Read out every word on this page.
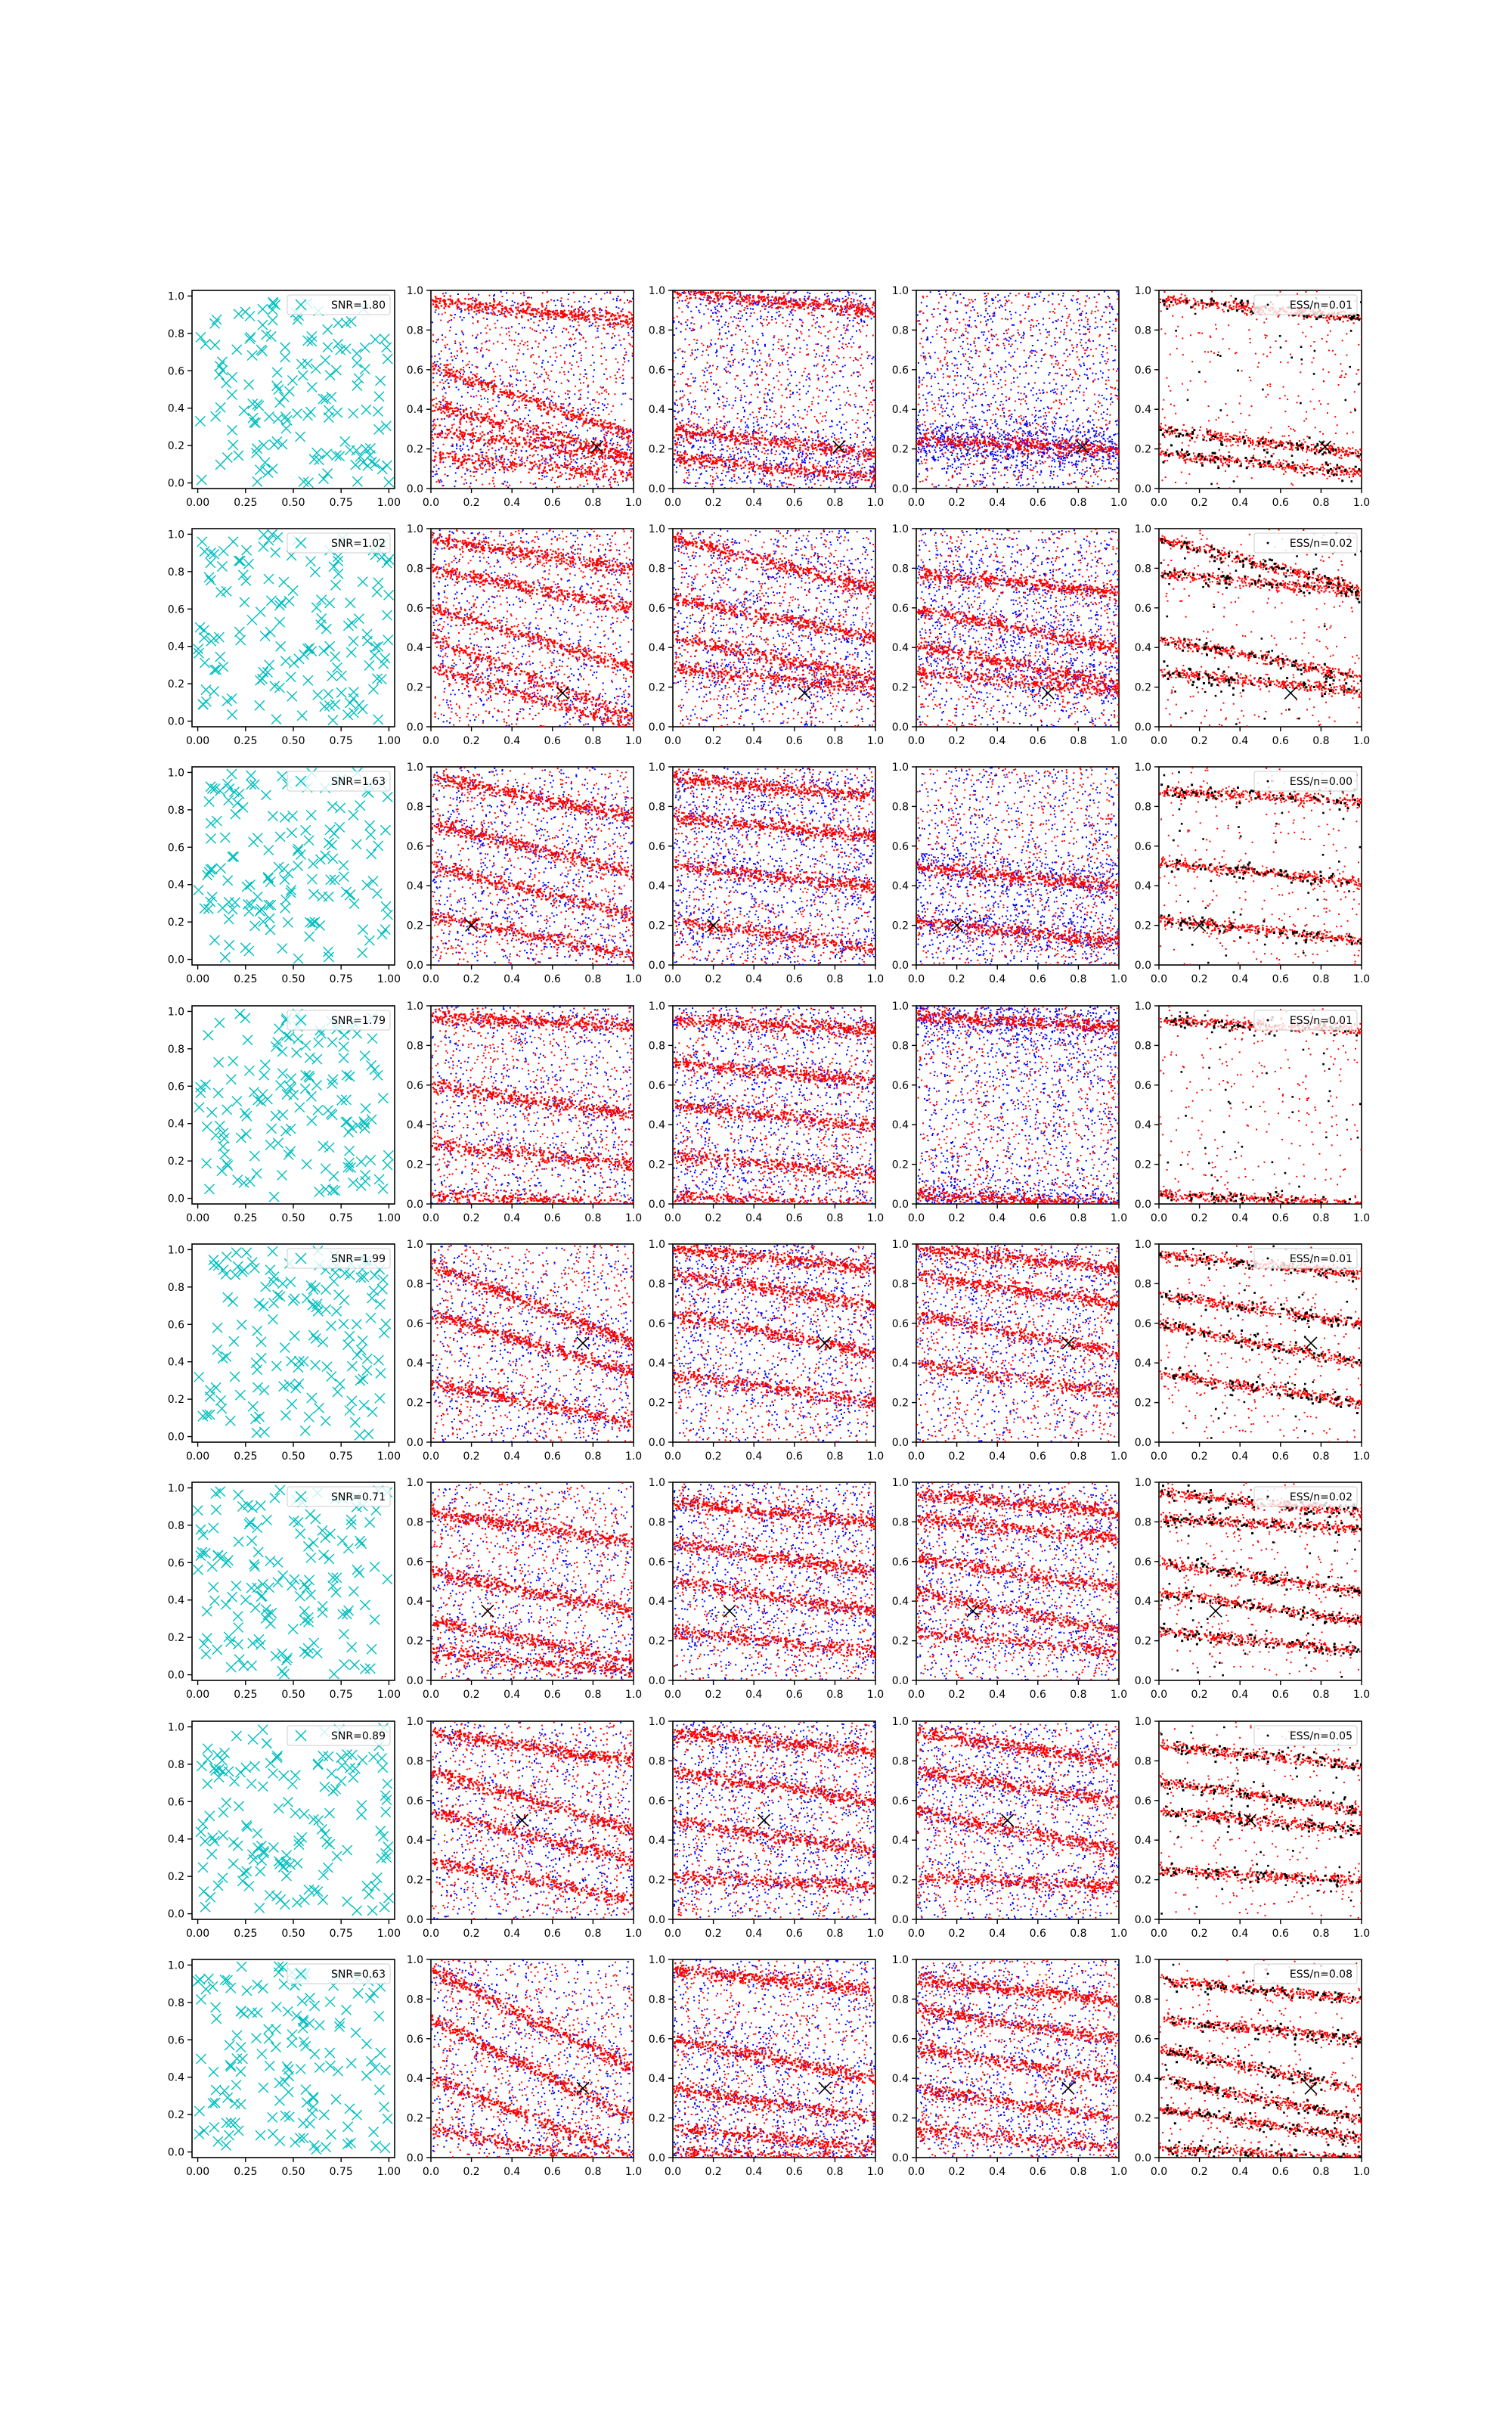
0.00 0.25 0.50 0.75 1.00
0.0
0.2
0.4
0.6
0.8
1.0
SNR=1.80
0.0 0.2 0.4 0.6 0.8 1.0
0.0
0.2
0.4
0.6
0.8
1.0
0.0 0.2 0.4 0.6 0.8 1.0
0.0
0.2
0.4
0.6
0.8
1.0
0.0 0.2 0.4 0.6 0.8 1.0
0.0
0.2
0.4
0.6
0.8
1.0
0.0 0.2 0.4 0.6 0.8 1.0
0.0
0.2
0.4
0.6
0.8
1.0
ESS/n=0.01
0.00 0.25 0.50 0.75 1.00
0.0
0.2
0.4
0.6
0.8
1.0
SNR=1.02
0.0 0.2 0.4 0.6 0.8 1.0
0.0
0.2
0.4
0.6
0.8
1.0
0.0 0.2 0.4 0.6 0.8 1.0
0.0
0.2
0.4
0.6
0.8
1.0
0.0 0.2 0.4 0.6 0.8 1.0
0.0
0.2
0.4
0.6
0.8
1.0
0.0 0.2 0.4 0.6 0.8 1.0
0.0
0.2
0.4
0.6
0.8
1.0
ESS/n=0.02
0.00 0.25 0.50 0.75 1.00
0.0
0.2
0.4
0.6
0.8
1.0
SNR=1.63
0.0 0.2 0.4 0.6 0.8 1.0
0.0
0.2
0.4
0.6
0.8
1.0
0.0 0.2 0.4 0.6 0.8 1.0
0.0
0.2
0.4
0.6
0.8
1.0
0.0 0.2 0.4 0.6 0.8 1.0
0.0
0.2
0.4
0.6
0.8
1.0
0.0 0.2 0.4 0.6 0.8 1.0
0.0
0.2
0.4
0.6
0.8
1.0
ESS/n=0.00
0.00 0.25 0.50 0.75 1.00
0.0
0.2
0.4
0.6
0.8
1.0
SNR=1.79
0.0 0.2 0.4 0.6 0.8 1.0
0.0
0.2
0.4
0.6
0.8
1.0
0.0 0.2 0.4 0.6 0.8 1.0
0.0
0.2
0.4
0.6
0.8
1.0
0.0 0.2 0.4 0.6 0.8 1.0
0.0
0.2
0.4
0.6
0.8
1.0
0.0 0.2 0.4 0.6 0.8 1.0
0.0
0.2
0.4
0.6
0.8
1.0
ESS/n=0.01
0.00 0.25 0.50 0.75 1.00
0.0
0.2
0.4
0.6
0.8
1.0
SNR=1.99
0.0 0.2 0.4 0.6 0.8 1.0
0.0
0.2
0.4
0.6
0.8
1.0
0.0 0.2 0.4 0.6 0.8 1.0
0.0
0.2
0.4
0.6
0.8
1.0
0.0 0.2 0.4 0.6 0.8 1.0
0.0
0.2
0.4
0.6
0.8
1.0
0.0 0.2 0.4 0.6 0.8 1.0
0.0
0.2
0.4
0.6
0.8
1.0
ESS/n=0.01
0.00 0.25 0.50 0.75 1.00
0.0
0.2
0.4
0.6
0.8
1.0
SNR=0.71
0.0 0.2 0.4 0.6 0.8 1.0
0.0
0.2
0.4
0.6
0.8
1.0
0.0 0.2 0.4 0.6 0.8 1.0
0.0
0.2
0.4
0.6
0.8
1.0
0.0 0.2 0.4 0.6 0.8 1.0
0.0
0.2
0.4
0.6
0.8
1.0
0.0 0.2 0.4 0.6 0.8 1.0
0.0
0.2
0.4
0.6
0.8
1.0
ESS/n=0.02
0.00 0.25 0.50 0.75 1.00
0.0
0.2
0.4
0.6
0.8
1.0
SNR=0.89
0.0 0.2 0.4 0.6 0.8 1.0
0.0
0.2
0.4
0.6
0.8
1.0
0.0 0.2 0.4 0.6 0.8 1.0
0.0
0.2
0.4
0.6
0.8
1.0
0.0 0.2 0.4 0.6 0.8 1.0
0.0
0.2
0.4
0.6
0.8
1.0
0.0 0.2 0.4 0.6 0.8 1.0
0.0
0.2
0.4
0.6
0.8
1.0
ESS/n=0.05
0.00 0.25 0.50 0.75 1.00
0.0
0.2
0.4
0.6
0.8
1.0
SNR=0.63
0.0 0.2 0.4 0.6 0.8 1.0
0.0
0.2
0.4
0.6
0.8
1.0
0.0 0.2 0.4 0.6 0.8 1.0
0.0
0.2
0.4
0.6
0.8
1.0
0.0 0.2 0.4 0.6 0.8 1.0
0.0
0.2
0.4
0.6
0.8
1.0
0.0 0.2 0.4 0.6 0.8 1.0
0.0
0.2
0.4
0.6
0.8
1.0
ESS/n=0.08
